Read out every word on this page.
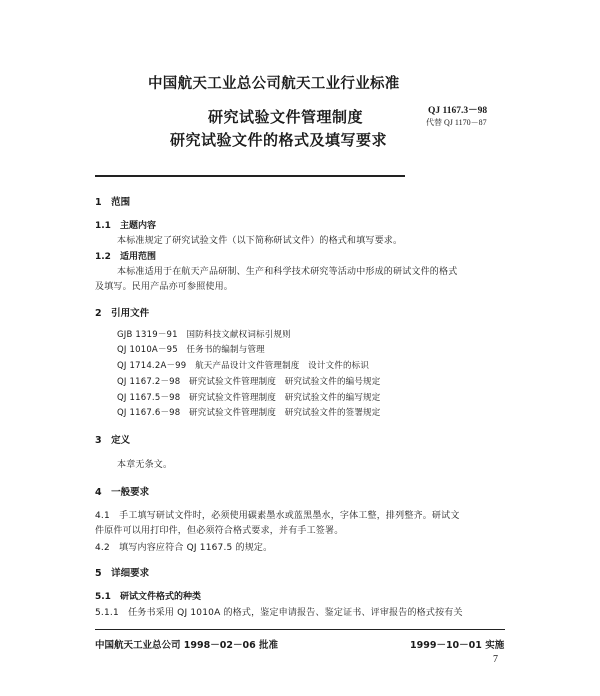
中国航天工业总公司航天工业行业标准
研究试验文件管理制度
研究试验文件的格式及填写要求
QJ 1167.3－98
代替 QJ 1170－87
1　范围
1.1　主题内容
本标准规定了研究试验文件（以下简称研试文件）的格式和填写要求。
1.2　适用范围
本标准适用于在航天产品研制、生产和科学技术研究等活动中形成的研试文件的格式
及填写。民用产品亦可参照使用。
2　引用文件
GJB 1319－91　国防科技文献权词标引规则
QJ 1010A－95　任务书的编制与管理
QJ 1714.2A－99　航天产品设计文件管理制度　设计文件的标识
QJ 1167.2－98　研究试验文件管理制度　研究试验文件的编号规定
QJ 1167.5－98　研究试验文件管理制度　研究试验文件的编写规定
QJ 1167.6－98　研究试验文件管理制度　研究试验文件的签署规定
3　定义
本章无条文。
4　一般要求
4.1　手工填写研试文件时，必须使用碳素墨水或蓝黑墨水，字体工整，排列整齐。研试文
件原件可以用打印件，但必须符合格式要求，并有手工签署。
4.2　填写内容应符合 QJ 1167.5 的规定。
5　详细要求
5.1　研试文件格式的种类
5.1.1　任务书采用 QJ 1010A 的格式，鉴定申请报告、鉴定证书、评审报告的格式按有关
中国航天工业总公司 1998－02－06 批准	1999－10－01 实施
7
